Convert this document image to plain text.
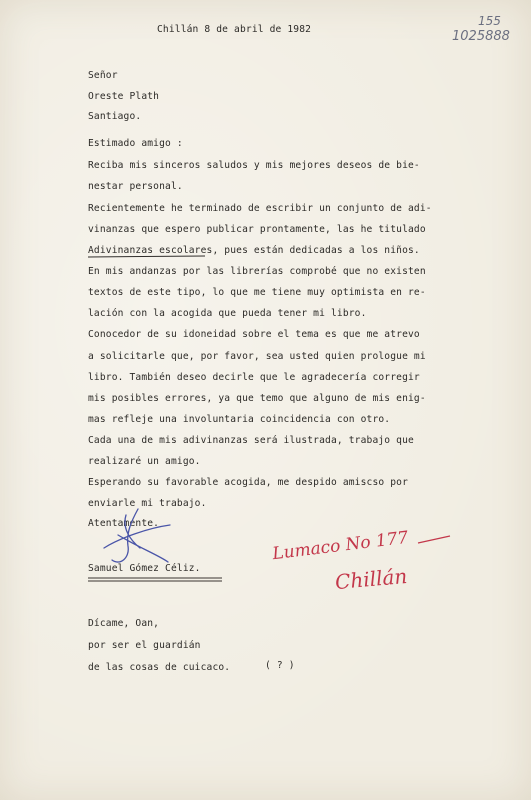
155
1025888
Chillán 8 de abril de 1982
Señor
Oreste Plath
Santiago.
Estimado amigo :
Reciba mis sinceros saludos y mis mejores deseos de bie-
nestar personal.
Recientemente he terminado de escribir un conjunto de adi-
vinanzas que espero publicar prontamente, las he titulado
Adivinanzas escolares, pues están dedicadas a los niños.
En mis andanzas por las librerías comprobé que no existen
textos de este tipo, lo que me tiene muy optimista en re-
lación con la acogida que pueda tener mi libro.
Conocedor de su idoneidad sobre el tema es que me atrevo
a solicitarle que, por favor, sea usted quien prologue mi
libro. También deseo decirle que le agradecería corregir
mis posibles errores, ya que temo que alguno de mis enig-
mas refleje una involuntaria coincidencia con otro.
Cada una de mis adivinanzas será ilustrada, trabajo que
realizaré un amigo.
Esperando su favorable acogida, me despido amiscso por
enviarle mi trabajo.
Atentamente.
Samuel Gómez Céliz.
Dícame, Oan,
por ser el guardián
de las cosas de cuicaco.	( ? )
Lumaco No 177
Chillán
